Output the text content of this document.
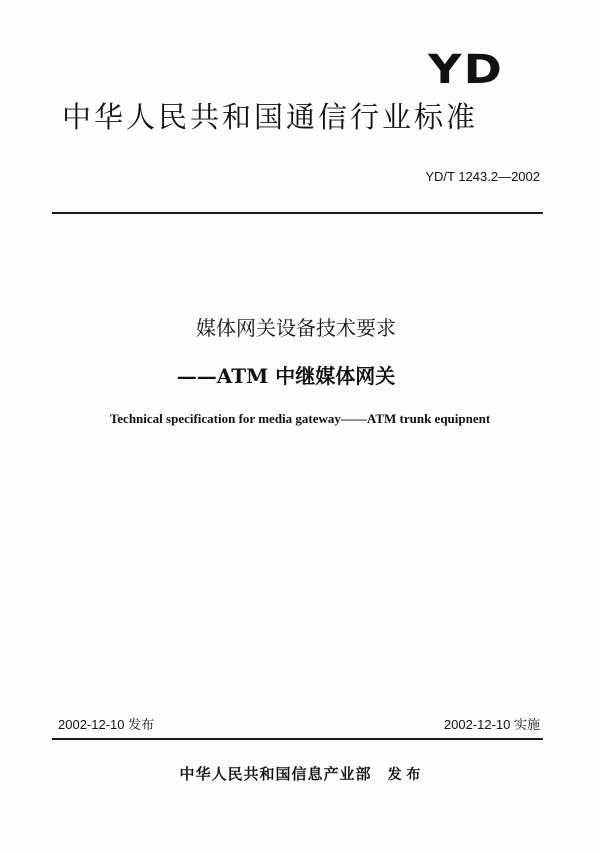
YD
中华人民共和国通信行业标准
YD/T 1243.2—2002
媒体网关设备技术要求
——ATM 中继媒体网关
Technical specification for media gateway——ATM trunk equipnent
2002-12-10 发布	2002-12-10 实施
中华人民共和国信息产业部 发 布
